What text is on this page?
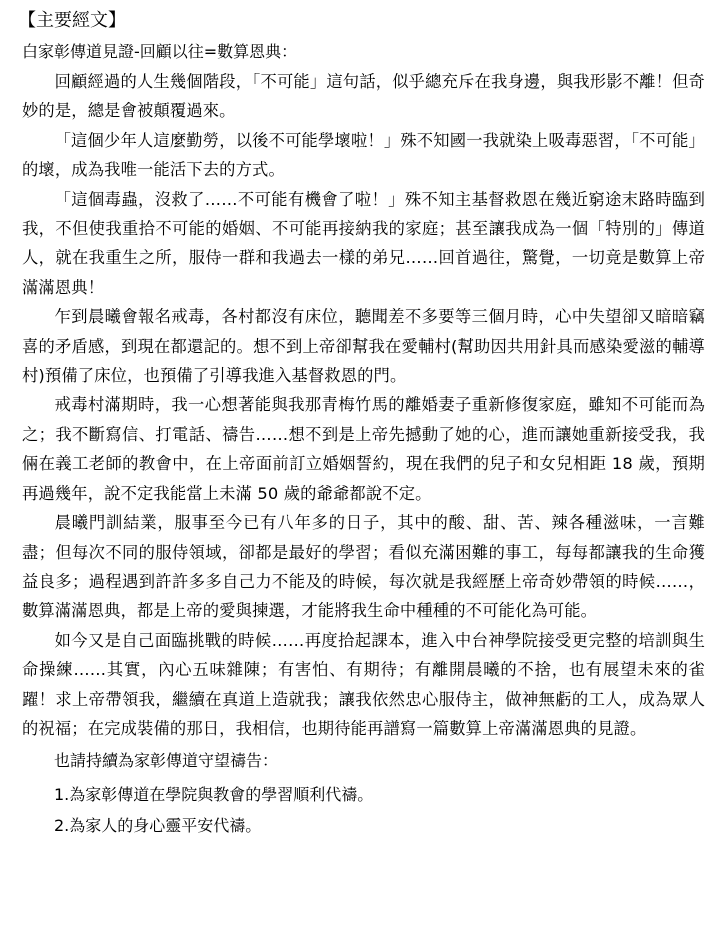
【主要經文】
白家彰傳道見證-回顧以往=數算恩典：

回顧經過的人生幾個階段，「不可能」這句話，似乎總充斥在我身邊，與我形影不離！但奇妙的是，總是會被顛覆過來。

「這個少年人這麼勤勞，以後不可能學壞啦！」殊不知國一我就染上吸毒惡習，「不可能」的壞，成為我唯一能活下去的方式。

「這個毒蟲，沒救了……不可能有機會了啦！」殊不知主基督救恩在幾近窮途末路時臨到我，不但使我重拾不可能的婚姻、不可能再接納我的家庭；甚至讓我成為一個「特別的」傳道人，就在我重生之所，服侍一群和我過去一樣的弟兄……回首過往，驚覺，一切竟是數算上帝滿滿恩典！

乍到晨曦會報名戒毒，各村都沒有床位，聽聞差不多要等三個月時，心中失望卻又暗暗竊喜的矛盾感，到現在都還記的。想不到上帝卻幫我在愛輔村(幫助因共用針具而感染愛滋的輔導村)預備了床位，也預備了引導我進入基督救恩的門。

戒毒村滿期時，我一心想著能與我那青梅竹馬的離婚妻子重新修復家庭，雖知不可能而為之；我不斷寫信、打電話、禱告……想不到是上帝先撼動了她的心，進而讓她重新接受我，我倆在義工老師的教會中，在上帝面前訂立婚姻誓約，現在我們的兒子和女兒相距 18 歲，預期再過幾年，說不定我能當上未滿 50 歲的爺爺都說不定。

晨曦門訓結業，服事至今已有八年多的日子，其中的酸、甜、苦、辣各種滋味，一言難盡；但每次不同的服侍領域，卻都是最好的學習；看似充滿困難的事工，每每都讓我的生命獲益良多；過程遇到許許多多自己力不能及的時候，每次就是我經歷上帝奇妙帶領的時候……，數算滿滿恩典，都是上帝的愛與揀選，才能將我生命中種種的不可能化為可能。

如今又是自己面臨挑戰的時候……再度拾起課本，進入中台神學院接受更完整的培訓與生命操練……其實，內心五味雜陳；有害怕、有期待；有離開晨曦的不捨，也有展望未來的雀躍！求上帝帶領我，繼續在真道上造就我；讓我依然忠心服侍主，做神無虧的工人，成為眾人的祝福；在完成裝備的那日，我相信，也期待能再譜寫一篇數算上帝滿滿恩典的見證。

也請持續為家彰傳道守望禱告：
1.為家彰傳道在學院與教會的學習順利代禱。
2.為家人的身心靈平安代禱。
